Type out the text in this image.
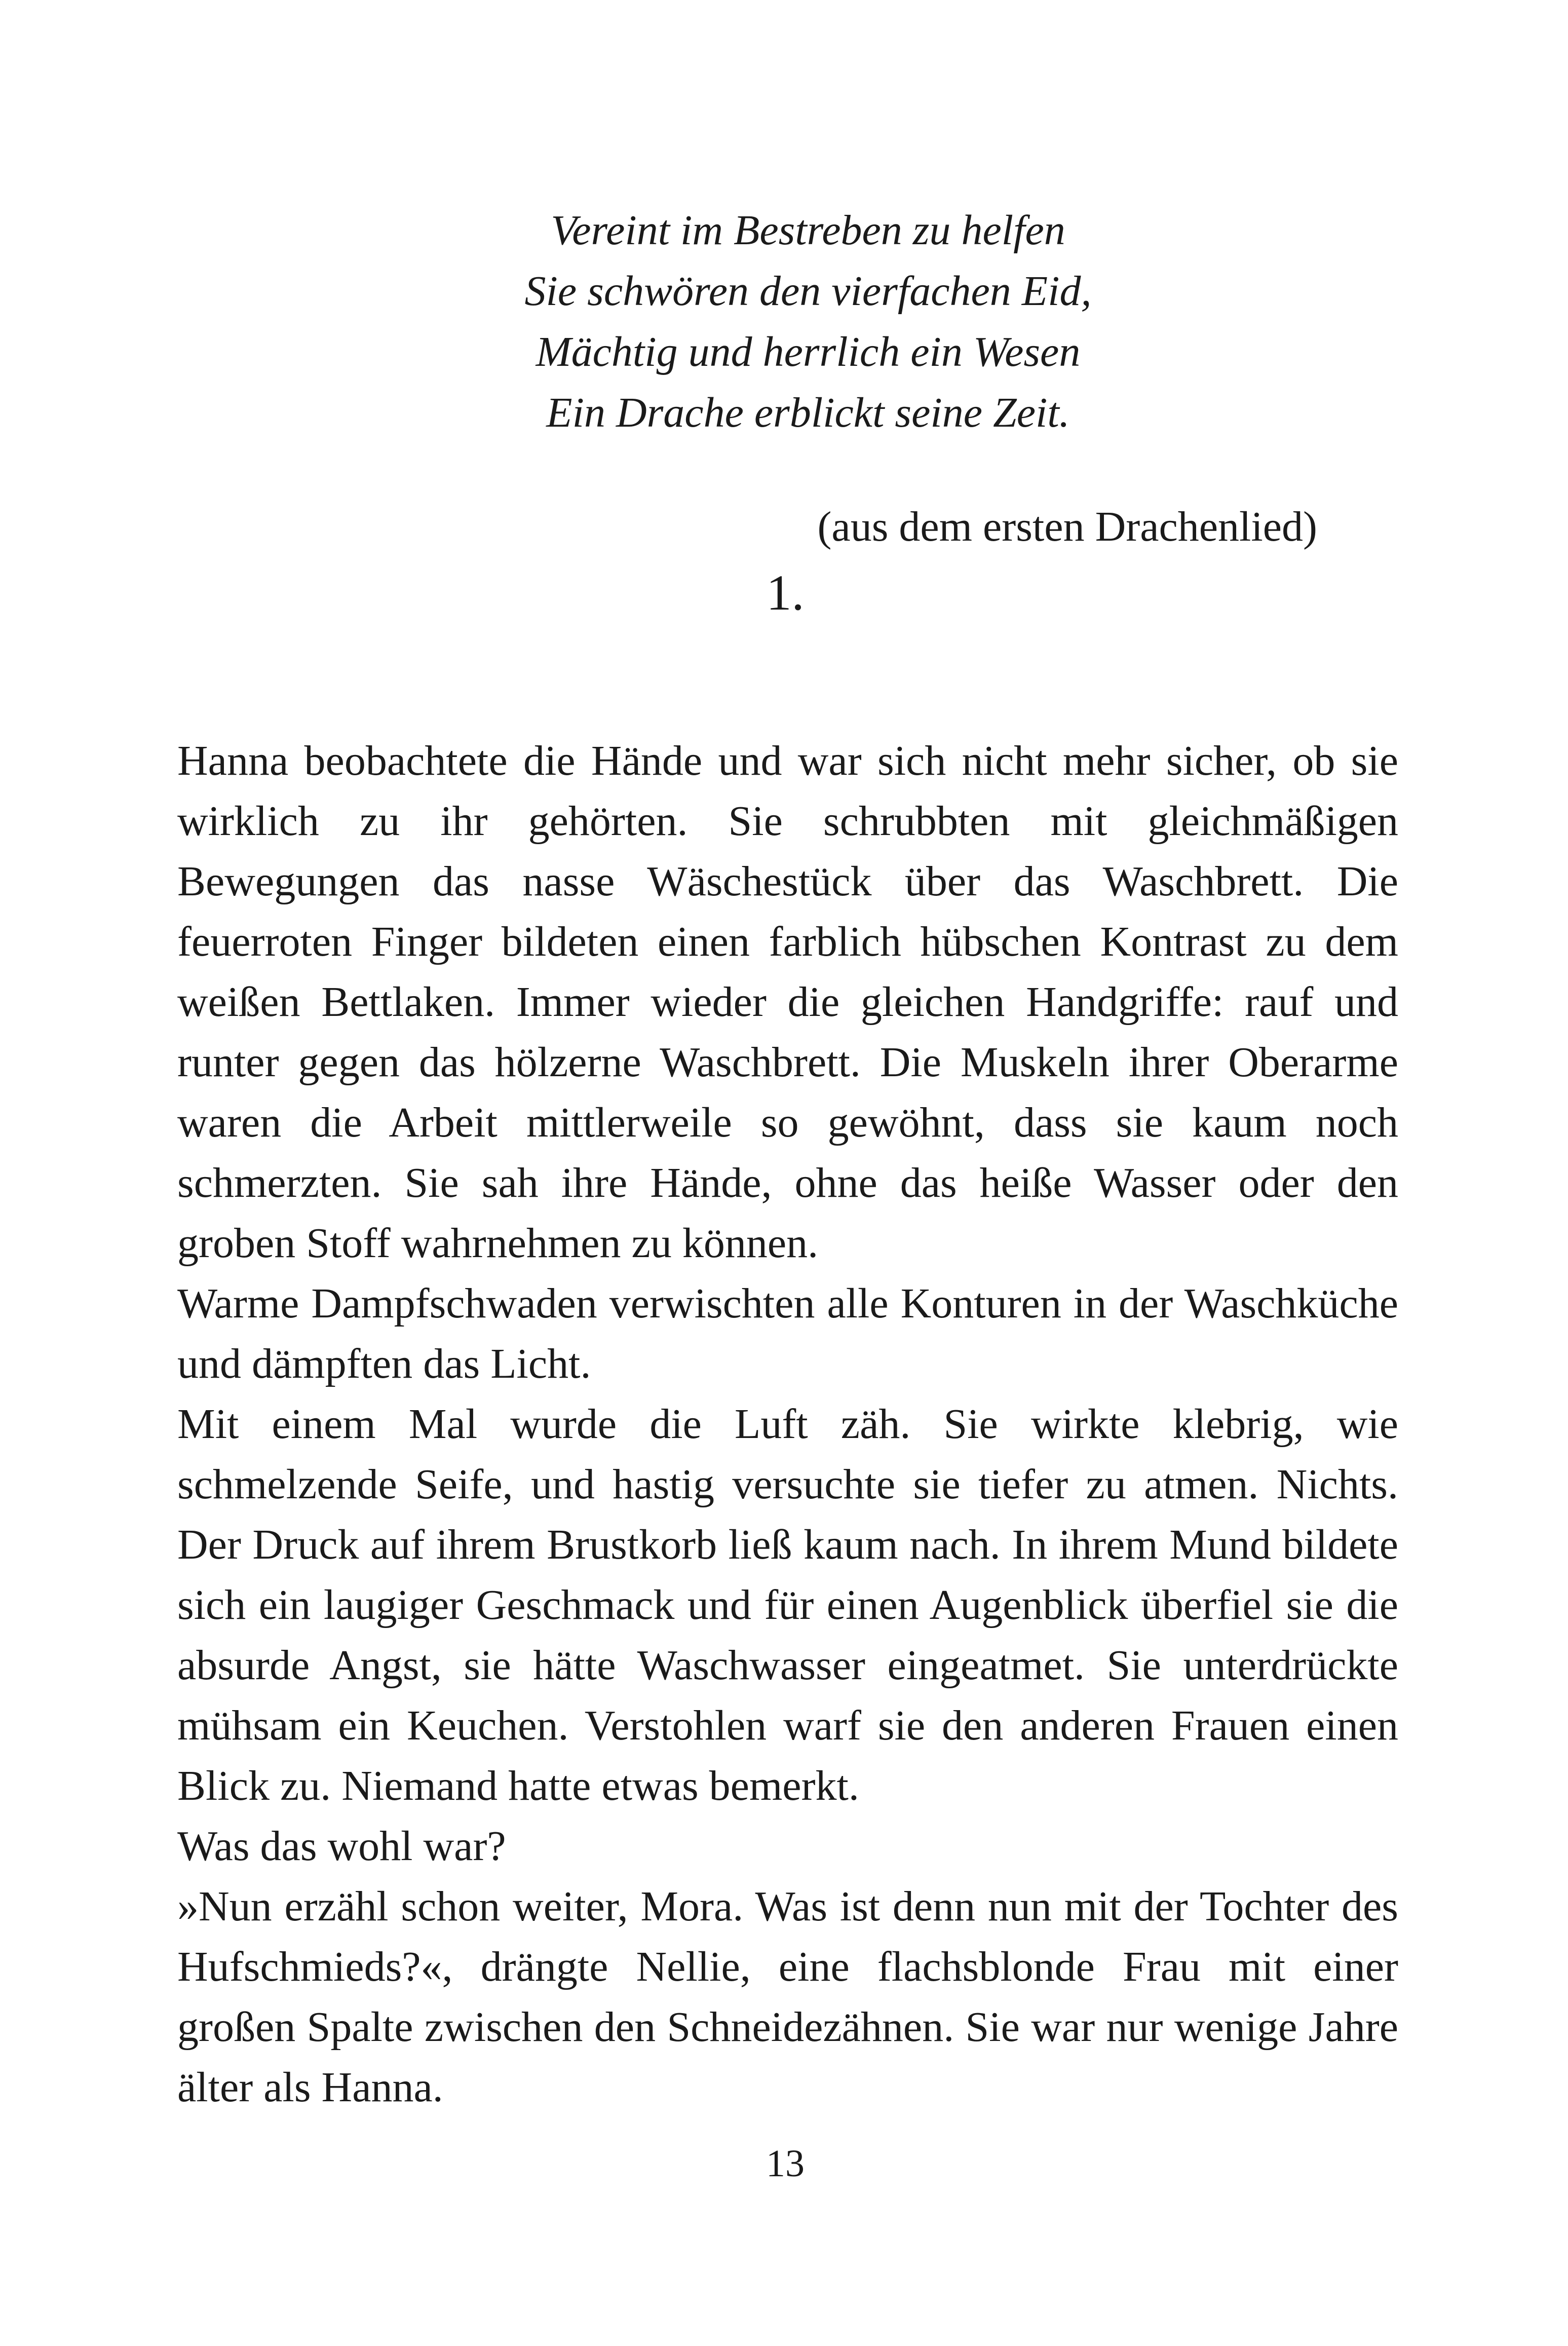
Vereint im Bestreben zu helfen
Sie schwören den vierfachen Eid,
Mächtig und herrlich ein Wesen
Ein Drache erblickt seine Zeit.
(aus dem ersten Drachenlied)
1.

Hanna beobachtete die Hände und war sich nicht mehr sicher, ob sie wirklich zu ihr gehörten. Sie schrubbten mit gleichmäßigen Bewegungen das nasse Wäschestück über das Waschbrett. Die feuerroten Finger bildeten einen farblich hübschen Kontrast zu dem weißen Bettlaken. Immer wieder die gleichen Handgriffe: rauf und runter gegen das hölzerne Waschbrett. Die Muskeln ihrer Oberarme waren die Arbeit mittlerweile so gewöhnt, dass sie kaum noch schmerzten. Sie sah ihre Hände, ohne das heiße Wasser oder den groben Stoff wahrnehmen zu können.

Warme Dampfschwaden verwischten alle Konturen in der Waschküche und dämpften das Licht.

Mit einem Mal wurde die Luft zäh. Sie wirkte klebrig, wie schmelzende Seife, und hastig versuchte sie tiefer zu atmen. Nichts. Der Druck auf ihrem Brustkorb ließ kaum nach. In ihrem Mund bildete sich ein laugiger Geschmack und für einen Augenblick überfiel sie die absurde Angst, sie hätte Waschwasser eingeatmet. Sie unterdrückte mühsam ein Keuchen. Verstohlen warf sie den anderen Frauen einen Blick zu. Niemand hatte etwas bemerkt.

Was das wohl war?

»Nun erzähl schon weiter, Mora. Was ist denn nun mit der Tochter des Hufschmieds?«, drängte Nellie, eine flachsblonde Frau mit einer großen Spalte zwischen den Schneidezähnen. Sie war nur wenige Jahre älter als Hanna.

13
